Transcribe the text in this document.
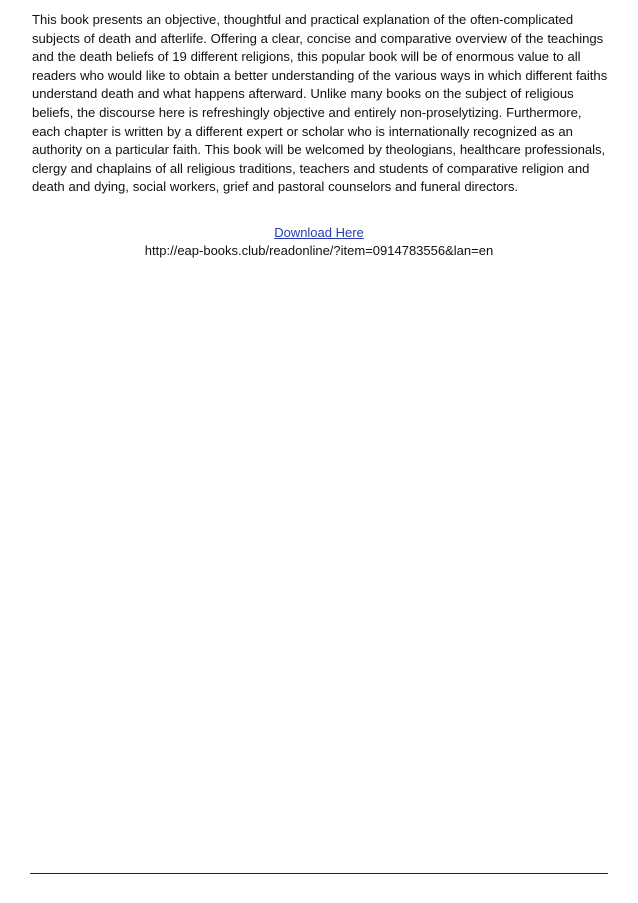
This book presents an objective, thoughtful and practical explanation of the often-complicated subjects of death and afterlife. Offering a clear, concise and comparative overview of the teachings and the death beliefs of 19 different religions, this popular book will be of enormous value to all readers who would like to obtain a better understanding of the various ways in which different faiths understand death and what happens afterward. Unlike many books on the subject of religious beliefs, the discourse here is refreshingly objective and entirely non-proselytizing. Furthermore, each chapter is written by a different expert or scholar who is internationally recognized as an authority on a particular faith. This book will be welcomed by theologians, healthcare professionals, clergy and chaplains of all religious traditions, teachers and students of comparative religion and death and dying, social workers, grief and pastoral counselors and funeral directors.

Download Here
http://eap-books.club/readonline/?item=0914783556&lan=en
